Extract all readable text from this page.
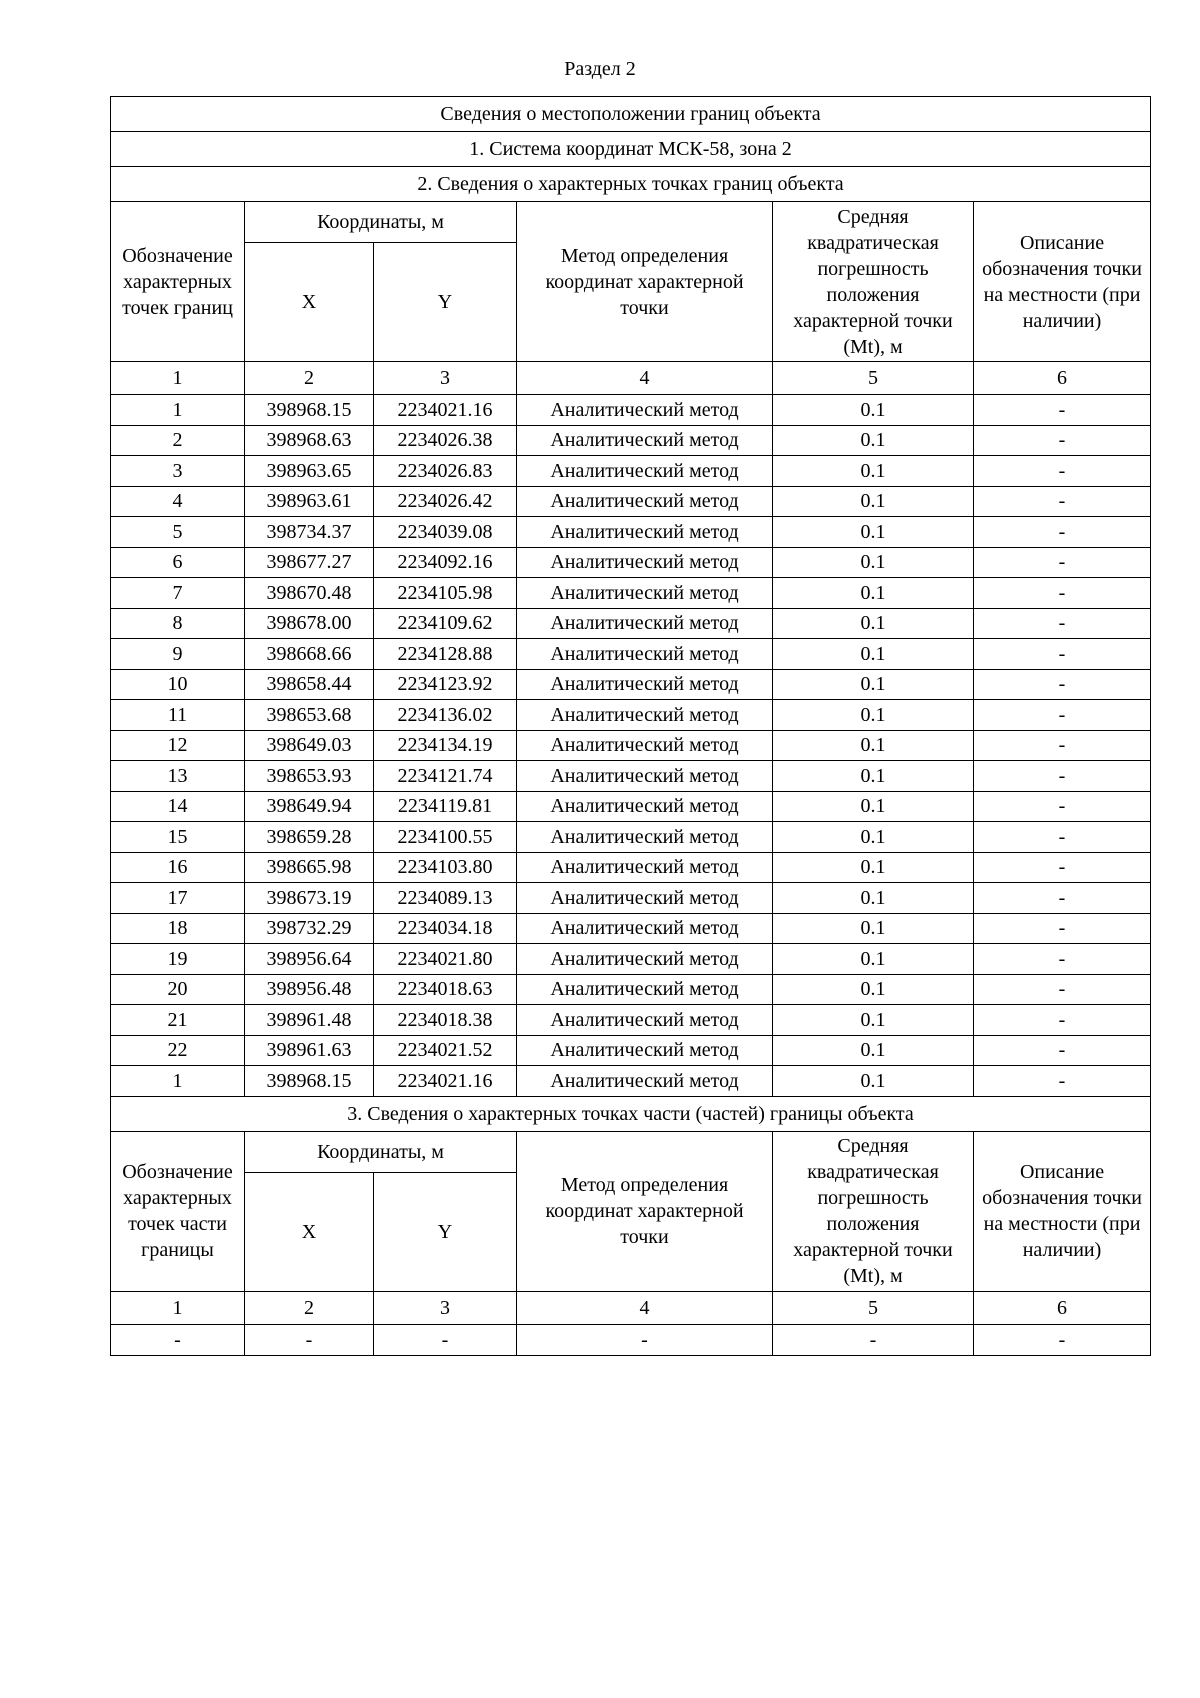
Раздел 2
Сведения о местоположении границ объекта					
1. Система координат МСК-58, зона 2					
2. Сведения о характерных точках границ объекта					
Обозначение характерных точек границ	Координаты, м		Метод определения координат характерной точки	Средняя квадратическая погрешность положения характерной точки (Mt), м	Описание обозначения точки на местности (при наличии)
	X	Y			
1	2	3	4	5	6
1	398968.15	2234021.16	Аналитический метод	0.1	-
2	398968.63	2234026.38	Аналитический метод	0.1	-
3	398963.65	2234026.83	Аналитический метод	0.1	-
4	398963.61	2234026.42	Аналитический метод	0.1	-
5	398734.37	2234039.08	Аналитический метод	0.1	-
6	398677.27	2234092.16	Аналитический метод	0.1	-
7	398670.48	2234105.98	Аналитический метод	0.1	-
8	398678.00	2234109.62	Аналитический метод	0.1	-
9	398668.66	2234128.88	Аналитический метод	0.1	-
10	398658.44	2234123.92	Аналитический метод	0.1	-
11	398653.68	2234136.02	Аналитический метод	0.1	-
12	398649.03	2234134.19	Аналитический метод	0.1	-
13	398653.93	2234121.74	Аналитический метод	0.1	-
14	398649.94	2234119.81	Аналитический метод	0.1	-
15	398659.28	2234100.55	Аналитический метод	0.1	-
16	398665.98	2234103.80	Аналитический метод	0.1	-
17	398673.19	2234089.13	Аналитический метод	0.1	-
18	398732.29	2234034.18	Аналитический метод	0.1	-
19	398956.64	2234021.80	Аналитический метод	0.1	-
20	398956.48	2234018.63	Аналитический метод	0.1	-
21	398961.48	2234018.38	Аналитический метод	0.1	-
22	398961.63	2234021.52	Аналитический метод	0.1	-
1	398968.15	2234021.16	Аналитический метод	0.1	-
3. Сведения о характерных точках части (частей) границы объекта					
Обозначение характерных точек части границы	Координаты, м		Метод определения координат характерной точки	Средняя квадратическая погрешность положения характерной точки (Mt), м	Описание обозначения точки на местности (при наличии)
	X	Y			
1	2	3	4	5	6
-	-	-	-	-	-
